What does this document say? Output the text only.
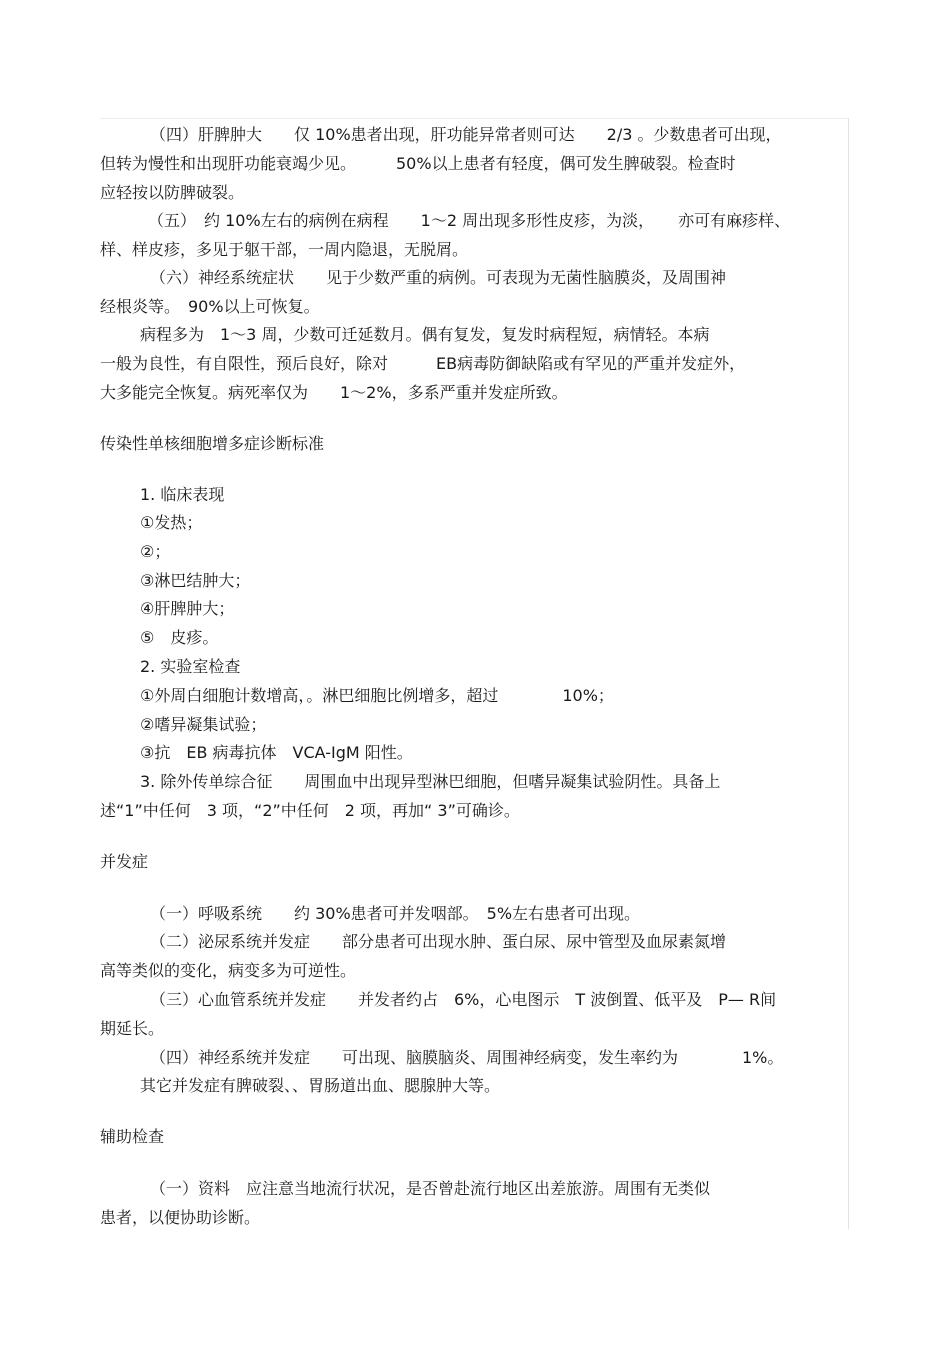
（四）肝脾肿大　　仅 10%患者出现，肝功能异常者则可达　　2/3 。少数患者可出现，
但转为慢性和出现肝功能衰竭少见。　　　50%以上患者有轻度，偶可发生脾破裂。检查时
应轻按以防脾破裂。
（五）　约 10%左右的病例在病程　　1～2 周出现多形性皮疹，为淡，　　亦可有麻疹样、
样、样皮疹，多见于躯干部，一周内隐退，无脱屑。
（六）神经系统症状　　见于少数严重的病例。可表现为无菌性脑膜炎，及周围神
经根炎等。　90%以上可恢复。
病程多为　1～3 周，少数可迁延数月。偶有复发，复发时病程短，病情轻。本病
一般为良性，有自限性，预后良好，除对　　　EB病毒防御缺陷或有罕见的严重并发症外，
大多能完全恢复。病死率仅为　　1～2%，多系严重并发症所致。
传染性单核细胞增多症诊断标准
1. 临床表现
①发热；
②；
③淋巴结肿大；
④肝脾肿大；
⑤　皮疹。
2. 实验室检查
①外周白细胞计数增高，。淋巴细胞比例增多，超过　　　　10%；
②嗜异凝集试验；
③抗　EB 病毒抗体　VCA-IgM 阳性。
3. 除外传单综合征　　周围血中出现异型淋巴细胞，但嗜异凝集试验阴性。具备上
述“1”中任何　3 项，“2”中任何　2 项，再加“ 3”可确诊。
并发症
（一）呼吸系统　　约 30%患者可并发咽部。　5%左右患者可出现。
（二）泌尿系统并发症　　部分患者可出现水肿、蛋白尿、尿中管型及血尿素氮增
高等类似的变化，病变多为可逆性。
（三）心血管系统并发症　　并发者约占　6%，心电图示　T 波倒置、低平及　P— R间
期延长。
（四）神经系统并发症　　可出现、脑膜脑炎、周围神经病变，发生率约为　　　　1%。
其它并发症有脾破裂、、胃肠道出血、腮腺肿大等。
辅助检查
（一）资料　应注意当地流行状况，是否曾赴流行地区出差旅游。周围有无类似
患者，以便协助诊断。
